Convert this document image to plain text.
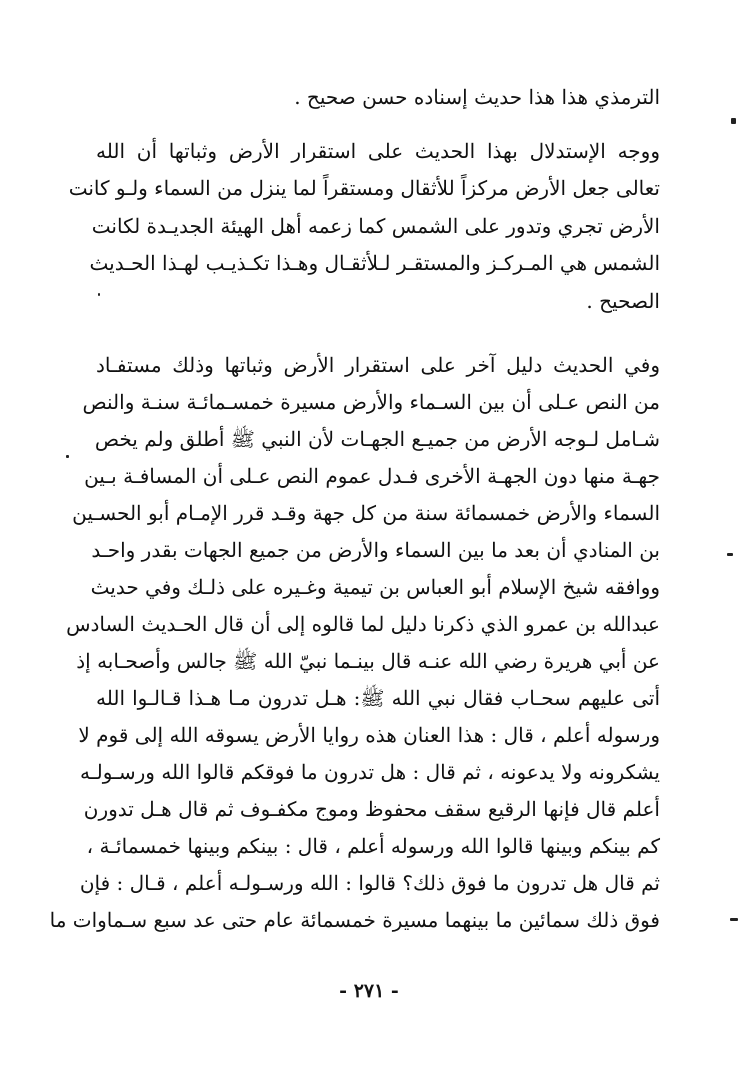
الترمذي هذا هذا حديث إسناده حسن صحيح .
ووجه الإستدلال بهذا الحديث على استقرار الأرض وثباتها أن الله
تعالى جعل الأرض مركزاً للأثقال ومستقراً لما ينزل من السماء ولـو كانت
الأرض تجري وتدور على الشمس كما زعمه أهل الهيئة الجديـدة لكانت
الشمس هي المـركـز والمستقـر لـلأثقـال وهـذا تكـذيـب لهـذا الحـديث
الصحيح .
وفي الحديث دليل آخر على استقرار الأرض وثباتها وذلك مستفـاد
من النص عـلى أن بين السـماء والأرض مسيرة خمسـمائـة سنـة والنص
شـامل لـوجه الأرض من جميـع الجهـات لأن النبي ﷺ أطلق ولم يخص
جهـة منها دون الجهـة الأخرى فـدل عموم النص عـلى أن المسافـة بـين
السماء والأرض خمسمائة سنة من كل جهة وقـد قرر الإمـام أبو الحسـين
بن المنادي أن بعد ما بين السماء والأرض من جميع الجهات بقدر واحـد
ووافقه شيخ الإسلام أبو العباس بن تيمية وغـيره على ذلـك وفي حديث
عبدالله بن عمرو الذي ذكرنا دليل لما قالوه إلى أن قال الحـديث السادس
عن أبي هريرة رضي الله عنـه قال بينـما نبيّ الله ﷺ جالس وأصحـابه إذ
أتى عليهم سحـاب فقال نبي الله ﷺ: هـل تدرون مـا هـذا قـالـوا الله
ورسوله أعلم ، قال : هذا العنان هذه روايا الأرض يسوقه الله إلى قوم لا
يشكرونه ولا يدعونه ، ثم قال : هل تدرون ما فوقكم قالوا الله ورسـولـه
أعلم قال فإنها الرقيع سقف محفوظ وموج مكفـوف ثم قال هـل تدورن
كم بينكم وبينها قالوا الله ورسوله أعلم ، قال : بينكم وبينها خمسمائـة ،
ثم قال هل تدرون ما فوق ذلك؟ قالوا : الله ورسـولـه أعلم ، قـال : فإن
فوق ذلك سمائين ما بينهما مسيرة خمسمائة عام حتى عد سبع سـماوات ما
- ٢٧١ -
